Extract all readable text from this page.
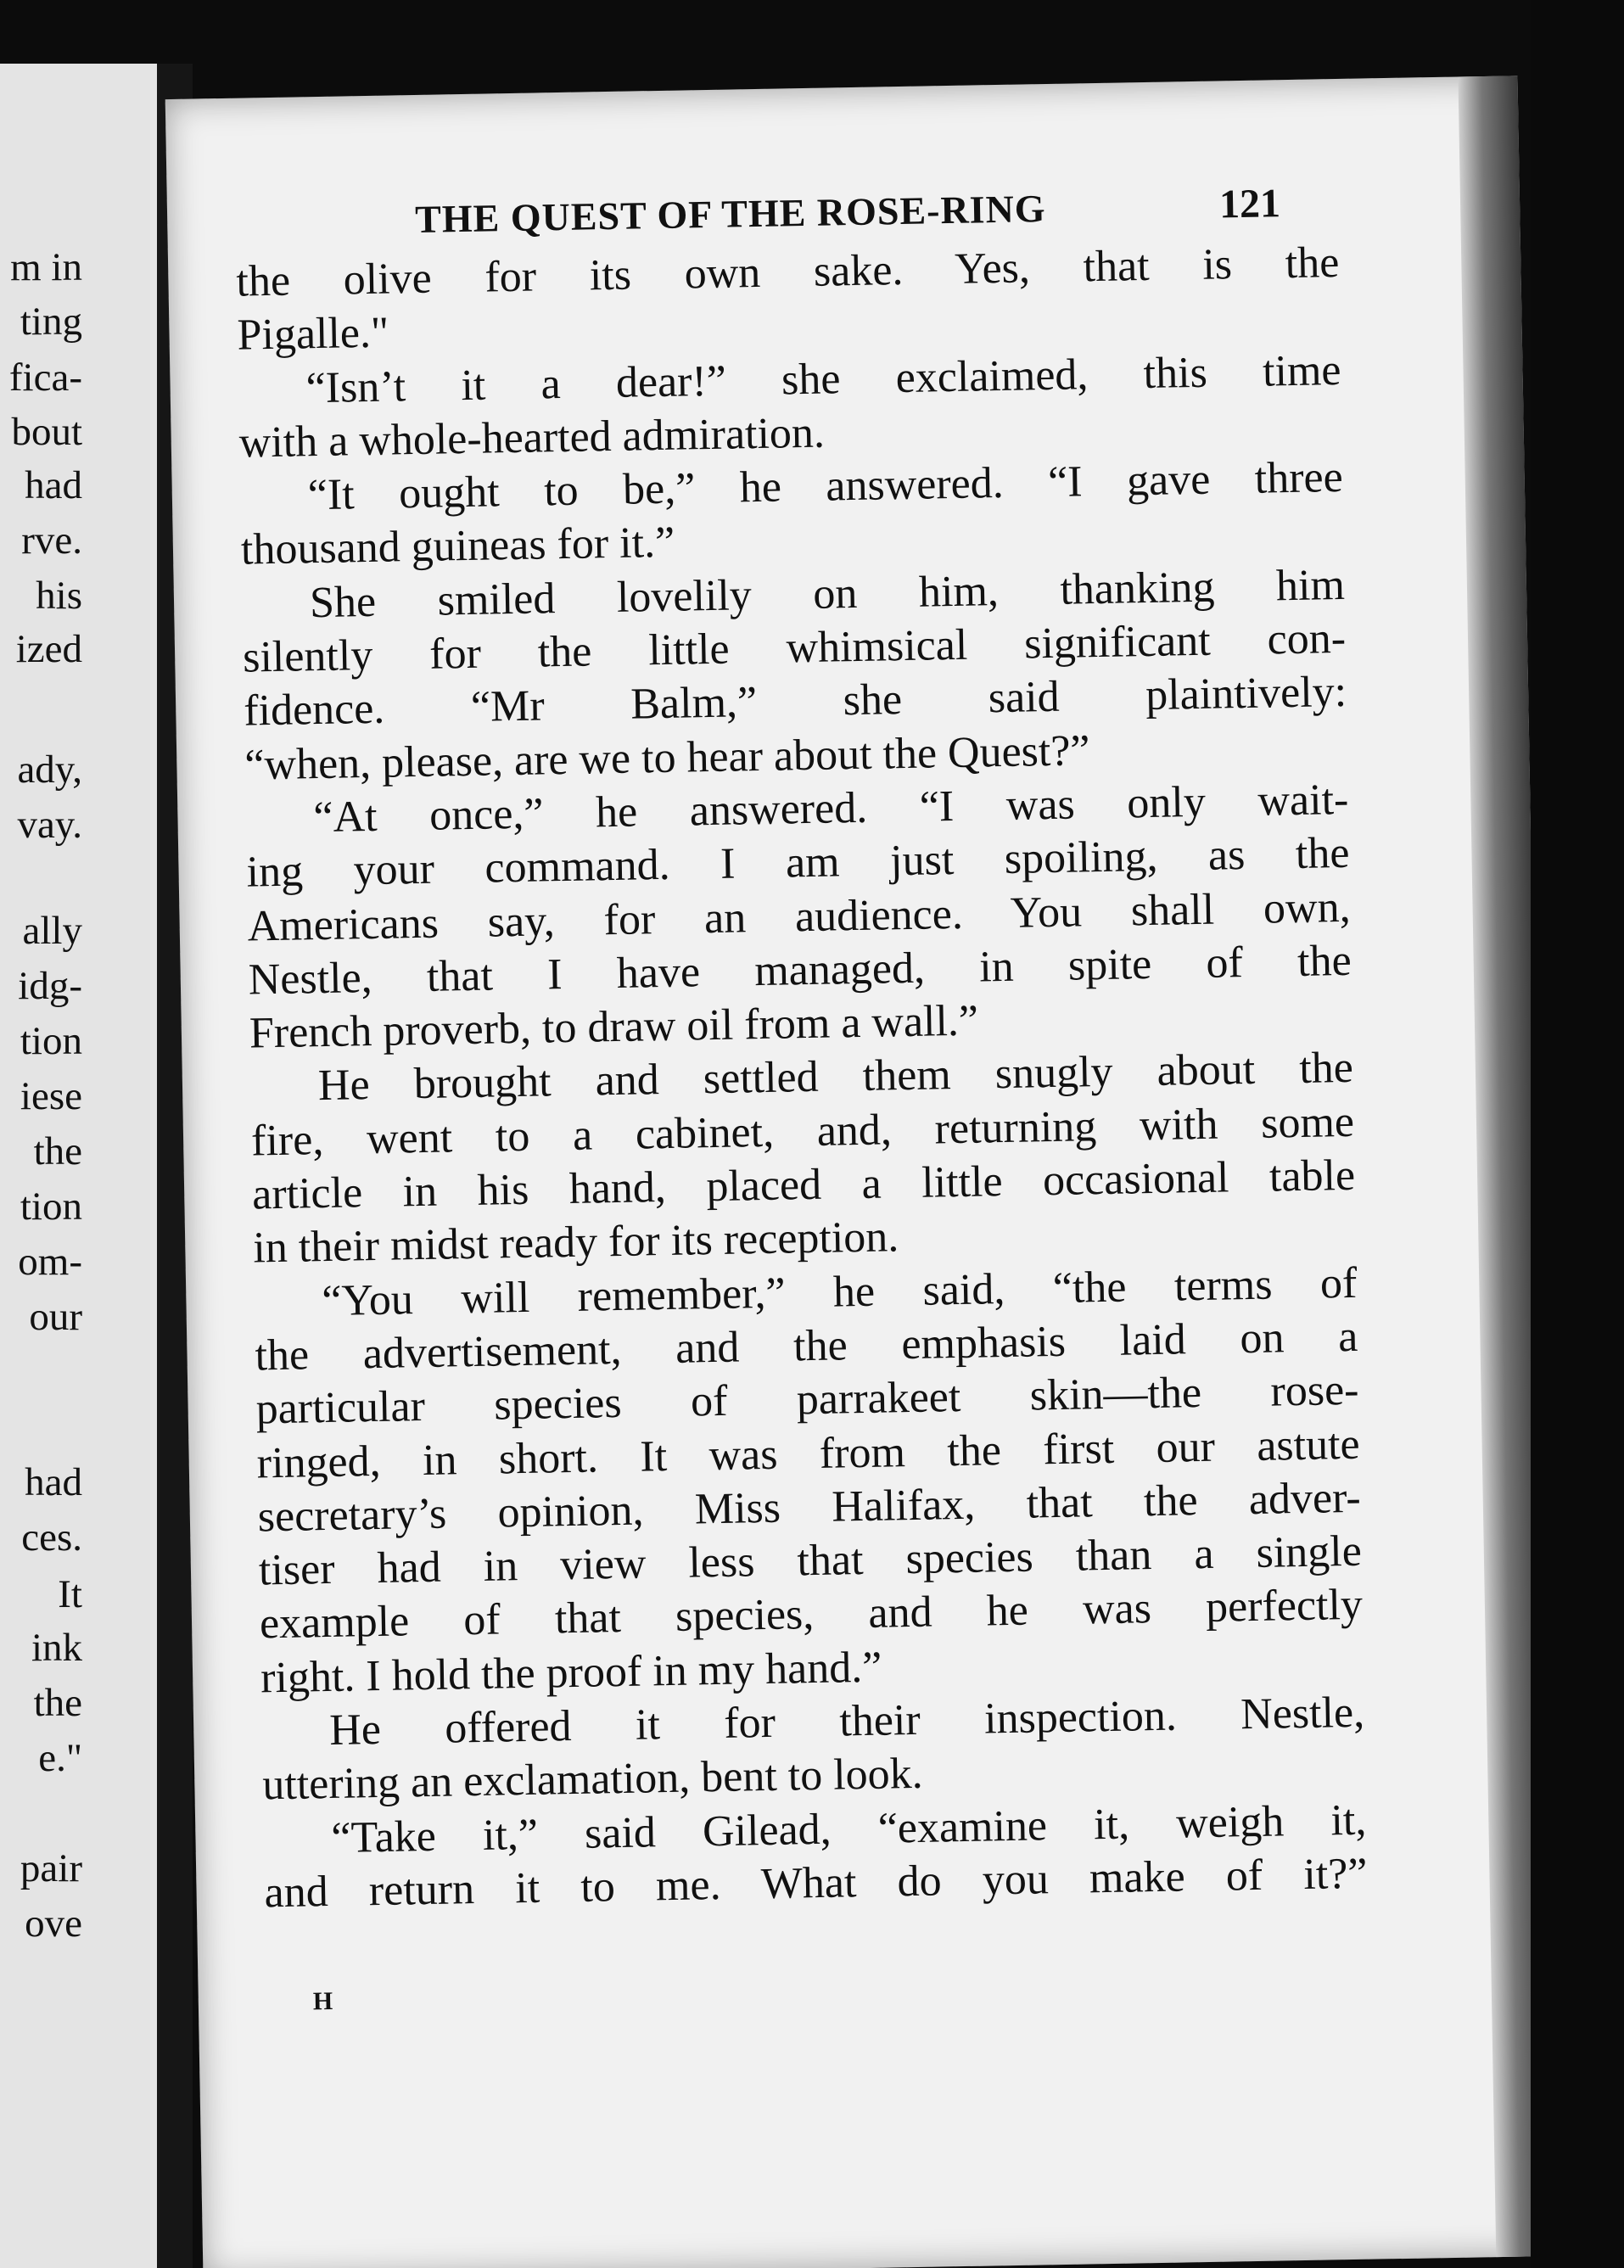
m in
ting
fica-
bout
had
rve.
his
ized
ady,
vay.
ally
idg-
tion
iese
the
tion
om-
our
had
ces.
It
ink
the
e."
pair
ove
THE QUEST OF THE ROSE-RING	121
the olive for its own sake. Yes, that is the
Pigalle."
“Isn’t it a dear!” she exclaimed, this time
with a whole-hearted admiration.
“It ought to be,” he answered. “I gave three
thousand guineas for it.”
She smiled lovelily on him, thanking him
silently for the little whimsical significant con-
fidence. “Mr Balm,” she said plaintively:
“when, please, are we to hear about the Quest?”
“At once,” he answered. “I was only wait-
ing your command. I am just spoiling, as the
Americans say, for an audience. You shall own,
Nestle, that I have managed, in spite of the
French proverb, to draw oil from a wall.”
He brought and settled them snugly about the
fire, went to a cabinet, and, returning with some
article in his hand, placed a little occasional table
in their midst ready for its reception.
“You will remember,” he said, “the terms of
the advertisement, and the emphasis laid on a
particular species of parrakeet skin—the rose-
ringed, in short. It was from the first our astute
secretary’s opinion, Miss Halifax, that the adver-
tiser had in view less that species than a single
example of that species, and he was perfectly
right. I hold the proof in my hand.”
He offered it for their inspection. Nestle,
uttering an exclamation, bent to look.
“Take it,” said Gilead, “examine it, weigh it,
and return it to me. What do you make of it?”
H
